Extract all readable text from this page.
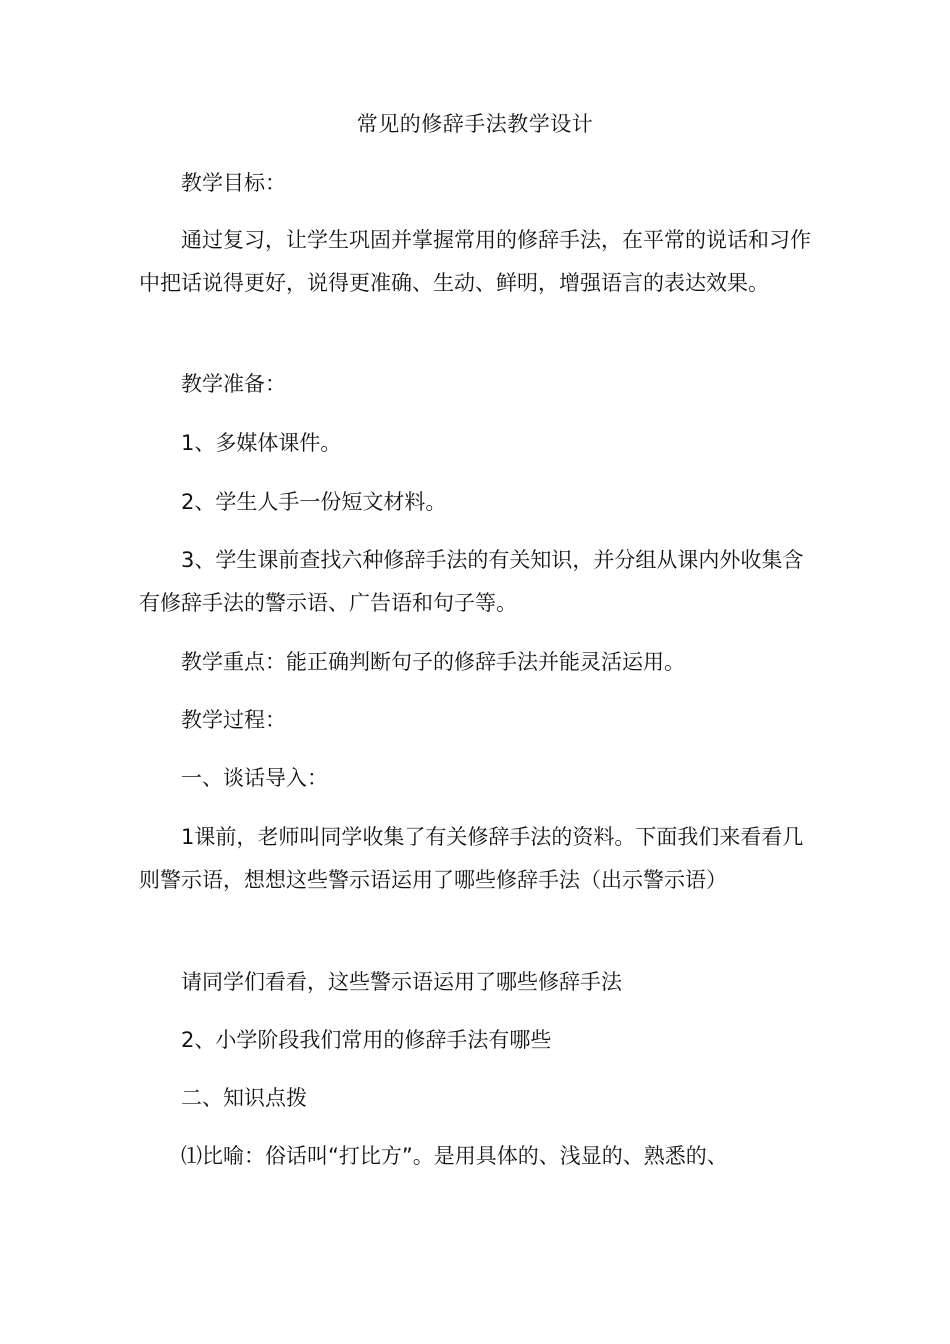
常见的修辞手法教学设计
教学目标：
通过复习，让学生巩固并掌握常用的修辞手法，在平常的说话和习作中把话说得更好，说得更准确、生动、鲜明，增强语言的表达效果。
教学准备：
1、多媒体课件。
2、学生人手一份短文材料。
3、学生课前查找六种修辞手法的有关知识，并分组从课内外收集含有修辞手法的警示语、广告语和句子等。
教学重点：能正确判断句子的修辞手法并能灵活运用。
教学过程：
一、谈话导入：
1课前，老师叫同学收集了有关修辞手法的资料。下面我们来看看几则警示语，想想这些警示语运用了哪些修辞手法（出示警示语）
请同学们看看，这些警示语运用了哪些修辞手法
2、小学阶段我们常用的修辞手法有哪些
二、知识点拨
⑴比喻：俗话叫“打比方”。是用具体的、浅显的、熟悉的、
